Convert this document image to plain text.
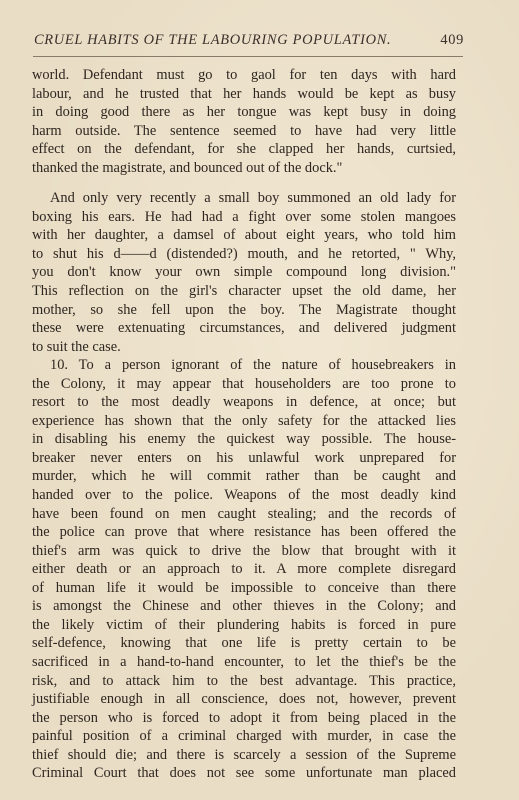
CRUEL HABITS OF THE LABOURING POPULATION.	409
world. Defendant must go to gaol for ten days with hard
labour, and he trusted that her hands would be kept as busy
in doing good there as her tongue was kept busy in doing
harm outside. The sentence seemed to have had very little
effect on the defendant, for she clapped her hands, curtsied,
thanked the magistrate, and bounced out of the dock."
And only very recently a small boy summoned an old lady for
boxing his ears. He had had a fight over some stolen mangoes
with her daughter, a damsel of about eight years, who told him
to shut his d——d (distended?) mouth, and he retorted, " Why,
you don't know your own simple compound long division."
This reflection on the girl's character upset the old dame, her
mother, so she fell upon the boy. The Magistrate thought
these were extenuating circumstances, and delivered judgment
to suit the case.
10. To a person ignorant of the nature of housebreakers in
the Colony, it may appear that householders are too prone to
resort to the most deadly weapons in defence, at once; but
experience has shown that the only safety for the attacked lies
in disabling his enemy the quickest way possible. The house-
breaker never enters on his unlawful work unprepared for
murder, which he will commit rather than be caught and
handed over to the police. Weapons of the most deadly kind
have been found on men caught stealing; and the records of
the police can prove that where resistance has been offered the
thief's arm was quick to drive the blow that brought with it
either death or an approach to it. A more complete disregard
of human life it would be impossible to conceive than there
is amongst the Chinese and other thieves in the Colony; and
the likely victim of their plundering habits is forced in pure
self-defence, knowing that one life is pretty certain to be
sacrificed in a hand-to-hand encounter, to let the thief's be the
risk, and to attack him to the best advantage. This practice,
justifiable enough in all conscience, does not, however, prevent
the person who is forced to adopt it from being placed in the
painful position of a criminal charged with murder, in case the
thief should die; and there is scarcely a session of the Supreme
Criminal Court that does not see some unfortunate man placed
